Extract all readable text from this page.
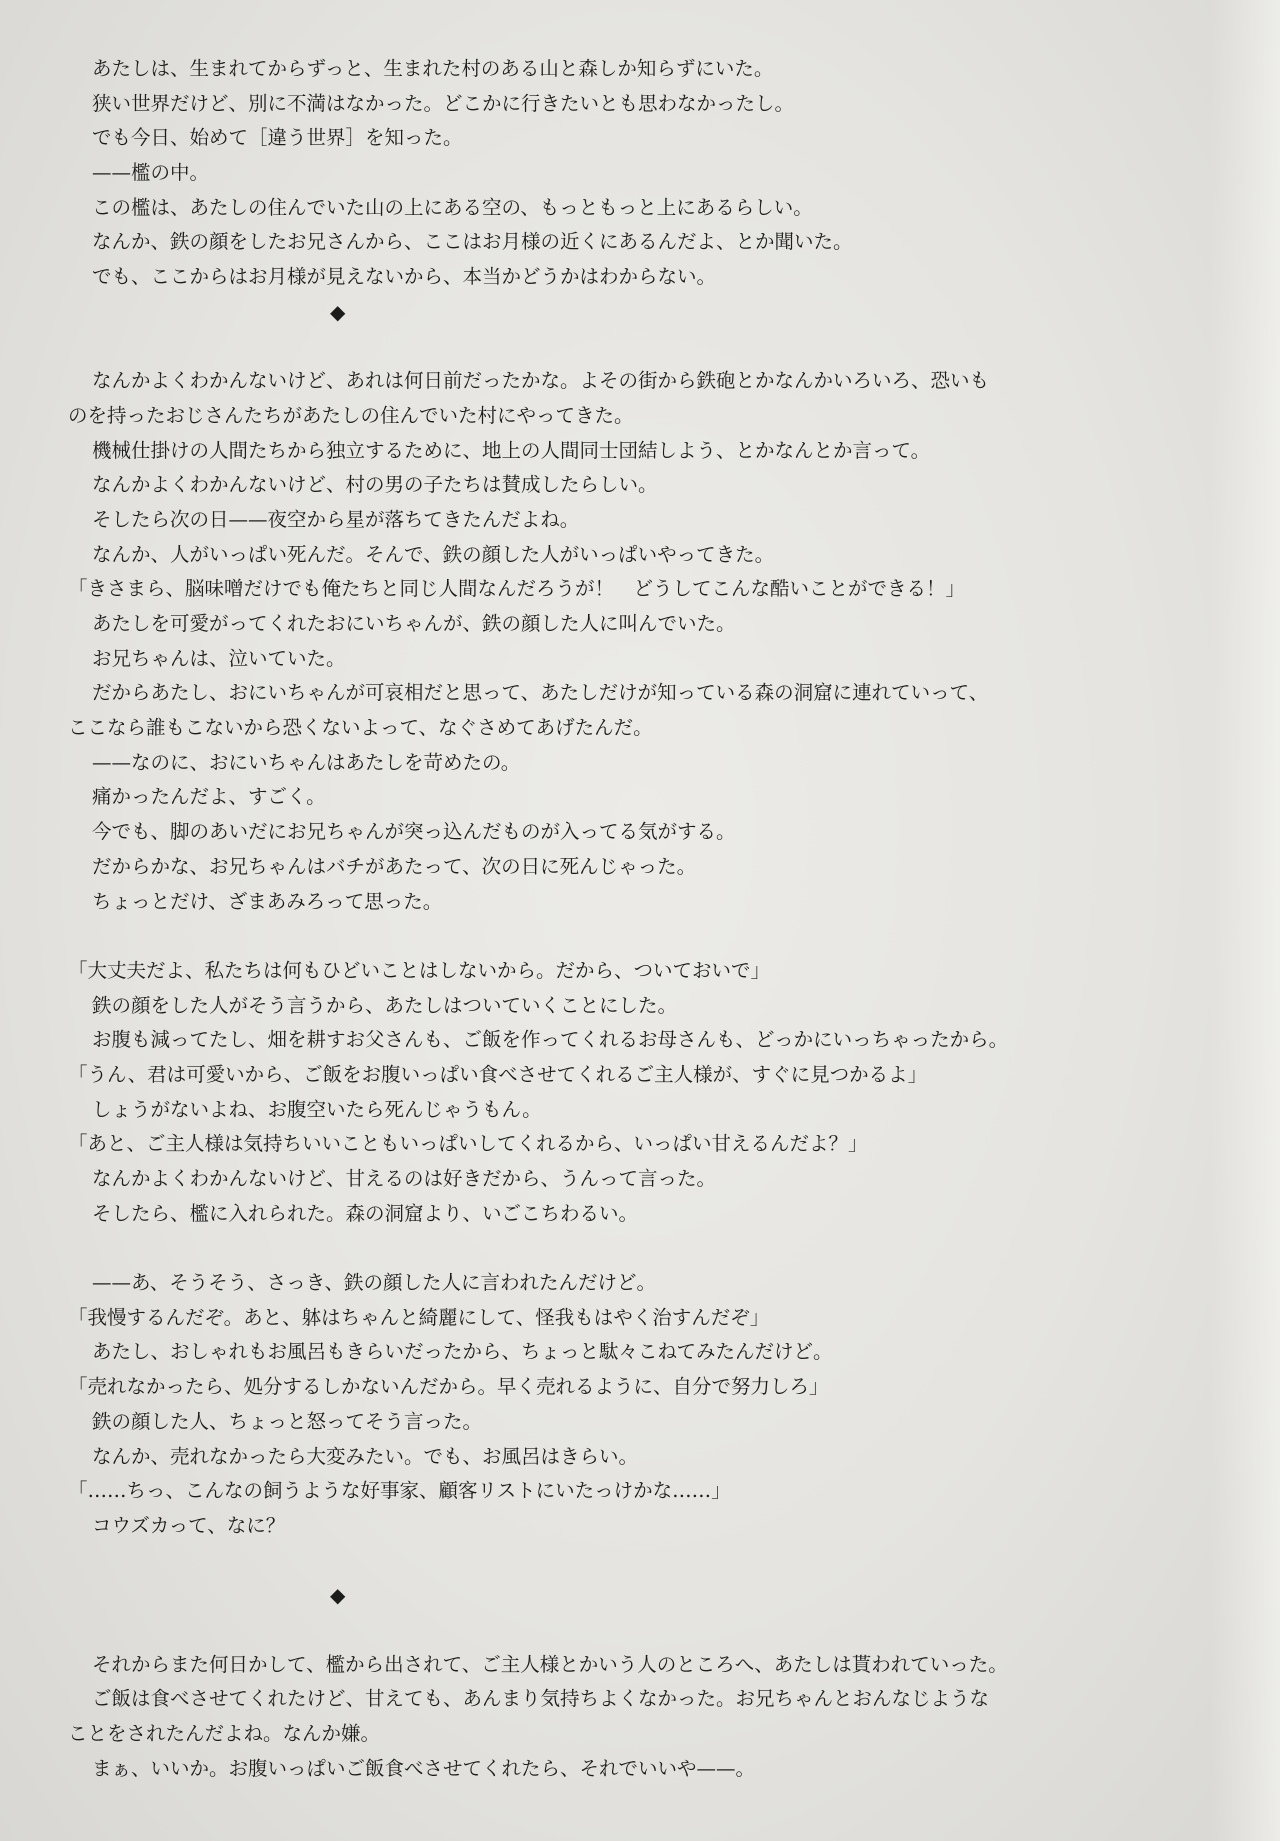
あたしは、生まれてからずっと、生まれた村のある山と森しか知らずにいた。
狭い世界だけど、別に不満はなかった。どこかに行きたいとも思わなかったし。
でも今日、始めて［違う世界］を知った。
——檻の中。
この檻は、あたしの住んでいた山の上にある空の、もっともっと上にあるらしい。
なんか、鉄の顔をしたお兄さんから、ここはお月様の近くにあるんだよ、とか聞いた。
でも、ここからはお月様が見えないから、本当かどうかはわからない。
◆
なんかよくわかんないけど、あれは何日前だったかな。よその街から鉄砲とかなんかいろいろ、恐いも
のを持ったおじさんたちがあたしの住んでいた村にやってきた。
機械仕掛けの人間たちから独立するために、地上の人間同士団結しよう、とかなんとか言って。
なんかよくわかんないけど、村の男の子たちは賛成したらしい。
そしたら次の日——夜空から星が落ちてきたんだよね。
なんか、人がいっぱい死んだ。そんで、鉄の顔した人がいっぱいやってきた。
「きさまら、脳味噌だけでも俺たちと同じ人間なんだろうが！　どうしてこんな酷いことができる！」
あたしを可愛がってくれたおにいちゃんが、鉄の顔した人に叫んでいた。
お兄ちゃんは、泣いていた。
だからあたし、おにいちゃんが可哀相だと思って、あたしだけが知っている森の洞窟に連れていって、
ここなら誰もこないから恐くないよって、なぐさめてあげたんだ。
——なのに、おにいちゃんはあたしを苛めたの。
痛かったんだよ、すごく。
今でも、脚のあいだにお兄ちゃんが突っ込んだものが入ってる気がする。
だからかな、お兄ちゃんはバチがあたって、次の日に死んじゃった。
ちょっとだけ、ざまあみろって思った。
「大丈夫だよ、私たちは何もひどいことはしないから。だから、ついておいで」
鉄の顔をした人がそう言うから、あたしはついていくことにした。
お腹も減ってたし、畑を耕すお父さんも、ご飯を作ってくれるお母さんも、どっかにいっちゃったから。
「うん、君は可愛いから、ご飯をお腹いっぱい食べさせてくれるご主人様が、すぐに見つかるよ」
しょうがないよね、お腹空いたら死んじゃうもん。
「あと、ご主人様は気持ちいいこともいっぱいしてくれるから、いっぱい甘えるんだよ？」
なんかよくわかんないけど、甘えるのは好きだから、うんって言った。
そしたら、檻に入れられた。森の洞窟より、いごこちわるい。
——あ、そうそう、さっき、鉄の顔した人に言われたんだけど。
「我慢するんだぞ。あと、躰はちゃんと綺麗にして、怪我もはやく治すんだぞ」
あたし、おしゃれもお風呂もきらいだったから、ちょっと駄々こねてみたんだけど。
「売れなかったら、処分するしかないんだから。早く売れるように、自分で努力しろ」
鉄の顔した人、ちょっと怒ってそう言った。
なんか、売れなかったら大変みたい。でも、お風呂はきらい。
「……ちっ、こんなの飼うような好事家、顧客リストにいたっけかな……」
コウズカって、なに？
◆
それからまた何日かして、檻から出されて、ご主人様とかいう人のところへ、あたしは貰われていった。
ご飯は食べさせてくれたけど、甘えても、あんまり気持ちよくなかった。お兄ちゃんとおんなじような
ことをされたんだよね。なんか嫌。
まぁ、いいか。お腹いっぱいご飯食べさせてくれたら、それでいいや——。
